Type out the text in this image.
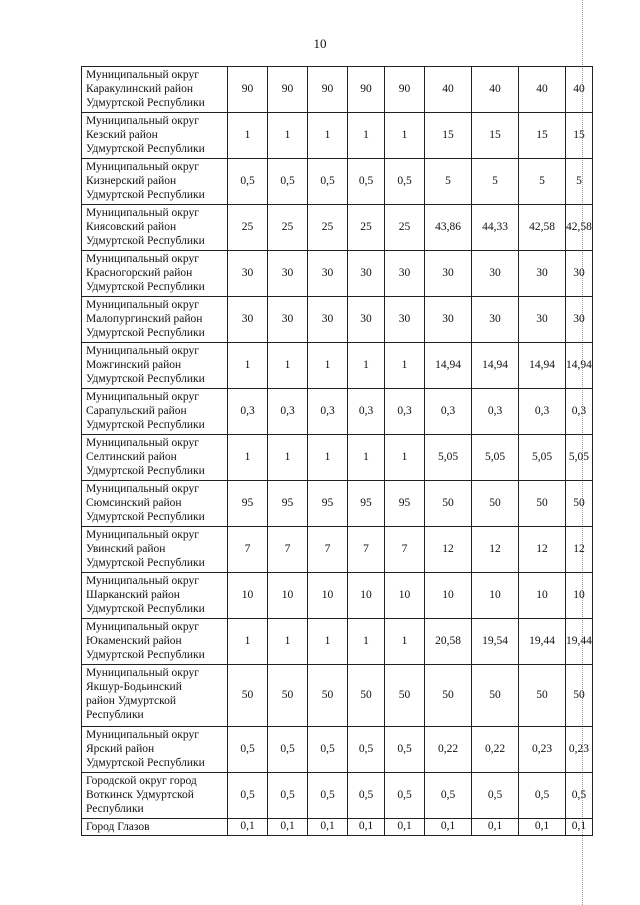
10
Муниципальный округ
Каракулинский район
Удмуртской Республики	90	90	90	90	90	40	40	40	40

Муниципальный округ
Кезский район
Удмуртской Республики	1	1	1	1	1	15	15	15	15

Муниципальный округ
Кизнерский район
Удмуртской Республики	0,5	0,5	0,5	0,5	0,5	5	5	5	5

Муниципальный округ
Киясовский район
Удмуртской Республики	25	25	25	25	25	43,86	44,33	42,58	42,58

Муниципальный округ
Красногорский район
Удмуртской Республики	30	30	30	30	30	30	30	30	30

Муниципальный округ
Малопургинский район
Удмуртской Республики	30	30	30	30	30	30	30	30	30

Муниципальный округ
Можгинский район
Удмуртской Республики	1	1	1	1	1	14,94	14,94	14,94	14,94

Муниципальный округ
Сарапульский район
Удмуртской Республики	0,3	0,3	0,3	0,3	0,3	0,3	0,3	0,3	0,3

Муниципальный округ
Селтинский район
Удмуртской Республики	1	1	1	1	1	5,05	5,05	5,05	5,05

Муниципальный округ
Сюмсинский район
Удмуртской Республики	95	95	95	95	95	50	50	50	50

Муниципальный округ
Увинский район
Удмуртской Республики	7	7	7	7	7	12	12	12	12

Муниципальный округ
Шарканский район
Удмуртской Республики	10	10	10	10	10	10	10	10	10

Муниципальный округ
Юкаменский район
Удмуртской Республики	1	1	1	1	1	20,58	19,54	19,44	19,44

Муниципальный округ
Якшур-Бодьинский
район Удмуртской
Республики	50	50	50	50	50	50	50	50	50

Муниципальный округ
Ярский район
Удмуртской Республики	0,5	0,5	0,5	0,5	0,5	0,22	0,22	0,23	0,23

Городской округ город
Воткинск Удмуртской
Республики	0,5	0,5	0,5	0,5	0,5	0,5	0,5	0,5	0,5

Город Глазов	0,1	0,1	0,1	0,1	0,1	0,1	0,1	0,1	0,1
